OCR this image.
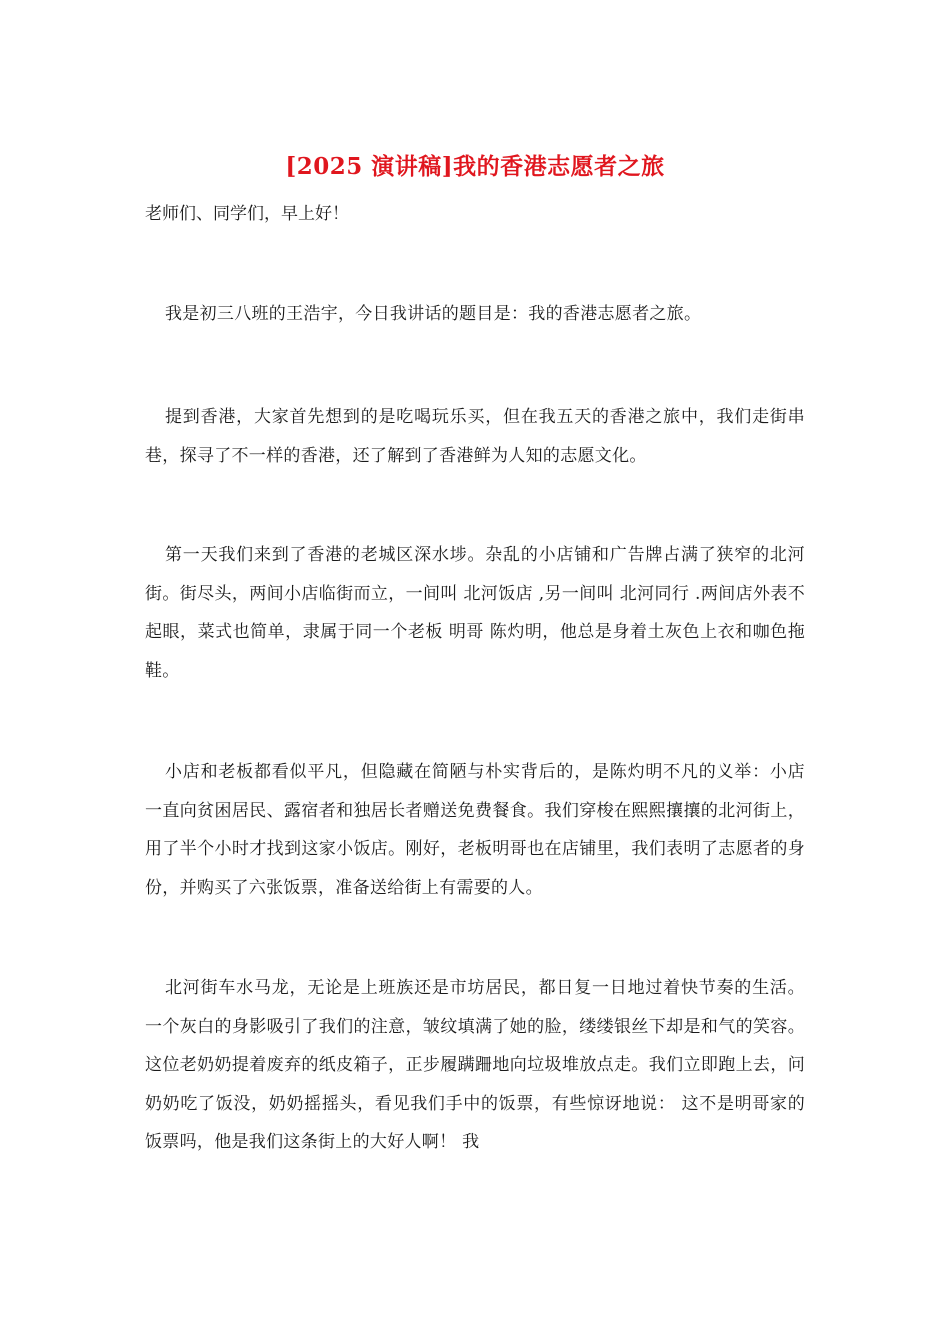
[2025 演讲稿]我的香港志愿者之旅

老师们、同学们，早上好！

我是初三八班的王浩宇，今日我讲话的题目是：我的香港志愿者之旅。

提到香港，大家首先想到的是吃喝玩乐买，但在我五天的香港之旅中，我们走街串巷，探寻了不一样的香港，还了解到了香港鲜为人知的志愿文化。

第一天我们来到了香港的老城区深水埗。杂乱的小店铺和广告牌占满了狭窄的北河街。街尽头，两间小店临街而立，一间叫 北河饭店 ,另一间叫 北河同行 .两间店外表不起眼，菜式也简单，隶属于同一个老板 明哥 陈灼明，他总是身着土灰色上衣和咖色拖鞋。

小店和老板都看似平凡，但隐藏在简陋与朴实背后的，是陈灼明不凡的义举：小店一直向贫困居民、露宿者和独居长者赠送免费餐食。我们穿梭在熙熙攘攘的北河街上，用了半个小时才找到这家小饭店。刚好，老板明哥也在店铺里，我们表明了志愿者的身份，并购买了六张饭票，准备送给街上有需要的人。

北河街车水马龙，无论是上班族还是市坊居民，都日复一日地过着快节奏的生活。一个灰白的身影吸引了我们的注意，皱纹填满了她的脸，缕缕银丝下却是和气的笑容。这位老奶奶提着废弃的纸皮箱子，正步履蹒跚地向垃圾堆放点走。我们立即跑上去，问奶奶吃了饭没，奶奶摇摇头，看见我们手中的饭票，有些惊讶地说： 这不是明哥家的饭票吗，他是我们这条街上的大好人啊！ 我
